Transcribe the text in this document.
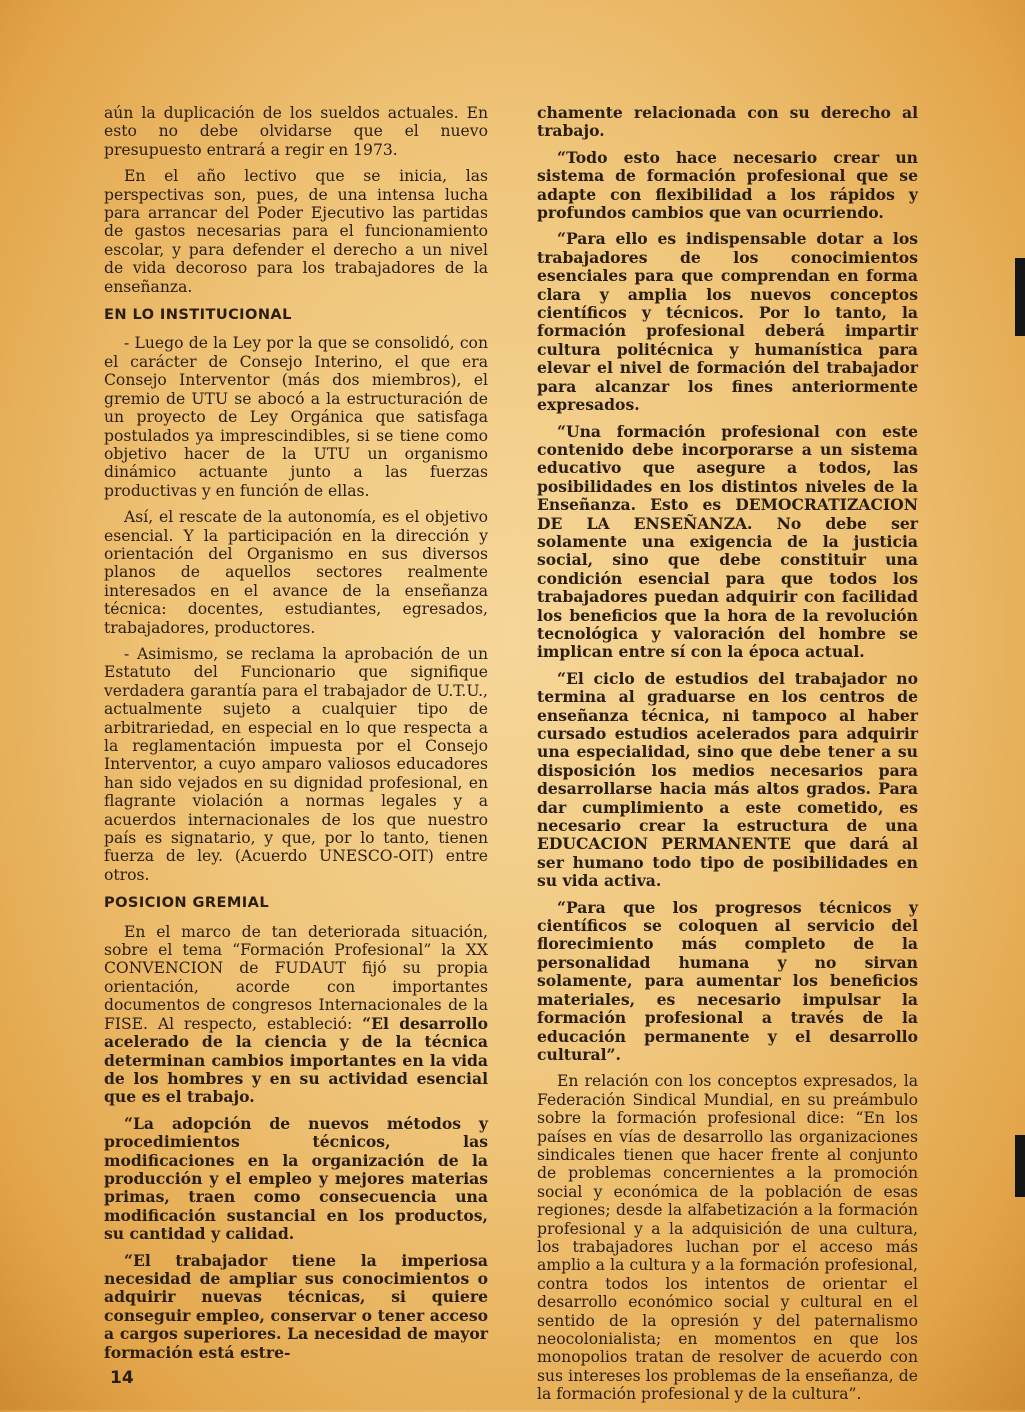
aún la duplicación de los sueldos actuales. En esto no debe olvidarse que el nuevo presupuesto entrará a regir en 1973.

En el año lectivo que se inicia, las perspectivas son, pues, de una intensa lucha para arrancar del Poder Ejecutivo las partidas de gastos necesarias para el funcionamiento escolar, y para defender el derecho a un nivel de vida decoroso para los trabajadores de la enseñanza.

EN LO INSTITUCIONAL

- Luego de la Ley por la que se consolidó, con el carácter de Consejo Interino, el que era Consejo Interventor (más dos miembros), el gremio de UTU se abocó a la estructuración de un proyecto de Ley Orgánica que satisfaga postulados ya imprescindibles, si se tiene como objetivo hacer de la UTU un organismo dinámico actuante junto a las fuerzas productivas y en función de ellas.

Así, el rescate de la autonomía, es el objetivo esencial. Y la participación en la dirección y orientación del Organismo en sus diversos planos de aquellos sectores realmente interesados en el avance de la enseñanza técnica: docentes, estudiantes, egresados, trabajadores, productores.

- Asimismo, se reclama la aprobación de un Estatuto del Funcionario que signifique verdadera garantía para el trabajador de U.T.U., actualmente sujeto a cualquier tipo de arbitrariedad, en especial en lo que respecta a la reglamentación impuesta por el Consejo Interventor, a cuyo amparo valiosos educadores han sido vejados en su dignidad profesional, en flagrante violación a normas legales y a acuerdos internacionales de los que nuestro país es signatario, y que, por lo tanto, tienen fuerza de ley. (Acuerdo UNESCO-OIT) entre otros.

POSICION GREMIAL

En el marco de tan deteriorada situación, sobre el tema “Formación Profesional” la XX CONVENCION de FUDAUT fijó su propia orientación, acorde con importantes documentos de congresos Internacionales de la FISE. Al respecto, estableció: “El desarrollo acelerado de la ciencia y de la técnica determinan cambios importantes en la vida de los hombres y en su actividad esencial que es el trabajo.

“La adopción de nuevos métodos y procedimientos técnicos, las modificaciones en la organización de la producción y el empleo y mejores materias primas, traen como consecuencia una modificación sustancial en los productos, su cantidad y calidad.

“El trabajador tiene la imperiosa necesidad de ampliar sus conocimientos o adquirir nuevas técnicas, si quiere conseguir empleo, conservar o tener acceso a cargos superiores. La necesidad de mayor formación está estre-

chamente relacionada con su derecho al trabajo.

“Todo esto hace necesario crear un sistema de formación profesional que se adapte con flexibilidad a los rápidos y profundos cambios que van ocurriendo.

“Para ello es indispensable dotar a los trabajadores de los conocimientos esenciales para que comprendan en forma clara y amplia los nuevos conceptos científicos y técnicos. Por lo tanto, la formación profesional deberá impartir cultura politécnica y humanística para elevar el nivel de formación del trabajador para alcanzar los fines anteriormente expresados.

“Una formación profesional con este contenido debe incorporarse a un sistema educativo que asegure a todos, las posibilidades en los distintos niveles de la Enseñanza. Esto es DEMOCRATIZACION DE LA ENSEÑANZA. No debe ser solamente una exigencia de la justicia social, sino que debe constituir una condición esencial para que todos los trabajadores puedan adquirir con facilidad los beneficios que la hora de la revolución tecnológica y valoración del hombre se implican entre sí con la época actual.

“El ciclo de estudios del trabajador no termina al graduarse en los centros de enseñanza técnica, ni tampoco al haber cursado estudios acelerados para adquirir una especialidad, sino que debe tener a su disposición los medios necesarios para desarrollarse hacia más altos grados. Para dar cumplimiento a este cometido, es necesario crear la estructura de una EDUCACION PERMANENTE que dará al ser humano todo tipo de posibilidades en su vida activa.

“Para que los progresos técnicos y científicos se coloquen al servicio del florecimiento más completo de la personalidad humana y no sirvan solamente, para aumentar los beneficios materiales, es necesario impulsar la formación profesional a través de la educación permanente y el desarrollo cultural”.

En relación con los conceptos expresados, la Federación Sindical Mundial, en su preámbulo sobre la formación profesional dice: “En los países en vías de desarrollo las organizaciones sindicales tienen que hacer frente al conjunto de problemas concernientes a la promoción social y económica de la población de esas regiones; desde la alfabetización a la formación profesional y a la adquisición de una cultura, los trabajadores luchan por el acceso más amplio a la cultura y a la formación profesional, contra todos los intentos de orientar el desarrollo económico social y cultural en el sentido de la opresión y del paternalismo neocolonialista; en momentos en que los monopolios tratan de resolver de acuerdo con sus intereses los problemas de la enseñanza, de la formación profesional y de la cultura”.

14
